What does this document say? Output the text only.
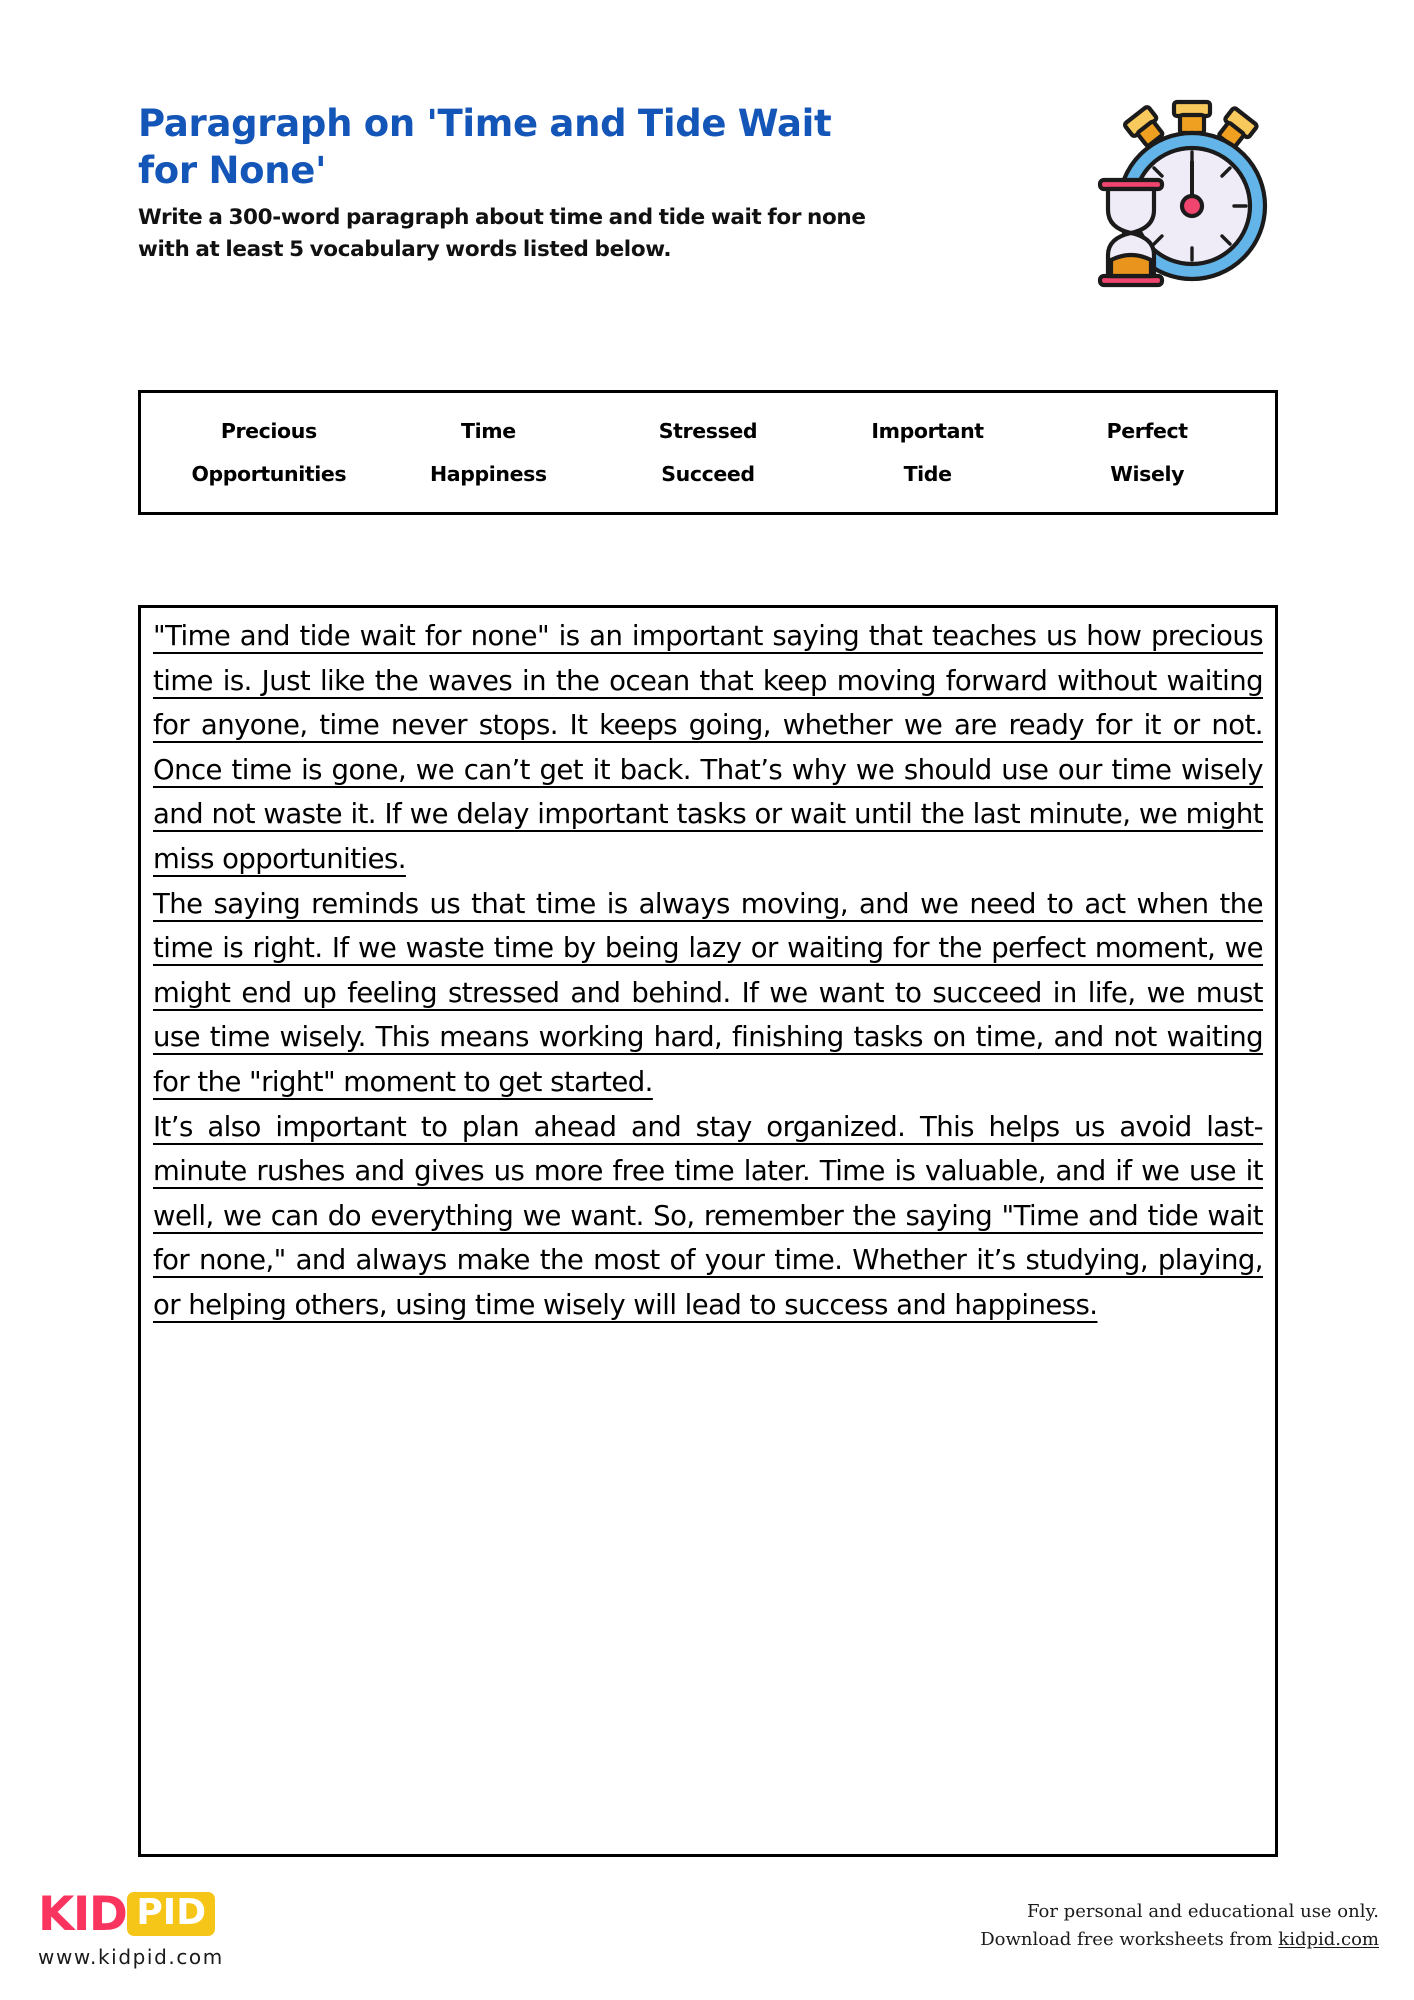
Paragraph on 'Time and Tide Wait for None'
Write a 300-word paragraph about time and tide wait for none with at least 5 vocabulary words listed below.
Precious	Time	Stressed	Important	Perfect
Opportunities	Happiness	Succeed	Tide	Wisely

"Time and tide wait for none" is an important saying that teaches us how precious time is. Just like the waves in the ocean that keep moving forward without waiting for anyone, time never stops. It keeps going, whether we are ready for it or not. Once time is gone, we can’t get it back. That’s why we should use our time wisely and not waste it. If we delay important tasks or wait until the last minute, we might miss opportunities.

The saying reminds us that time is always moving, and we need to act when the time is right. If we waste time by being lazy or waiting for the perfect moment, we might end up feeling stressed and behind. If we want to succeed in life, we must use time wisely. This means working hard, finishing tasks on time, and not waiting for the "right" moment to get started.

It’s also important to plan ahead and stay organized. This helps us avoid last-minute rushes and gives us more free time later. Time is valuable, and if we use it well, we can do everything we want. So, remember the saying "Time and tide wait for none," and always make the most of your time. Whether it’s studying, playing, or helping others, using time wisely will lead to success and happiness.

KID PID
www.kidpid.com
For personal and educational use only.
Download free worksheets from kidpid.com
